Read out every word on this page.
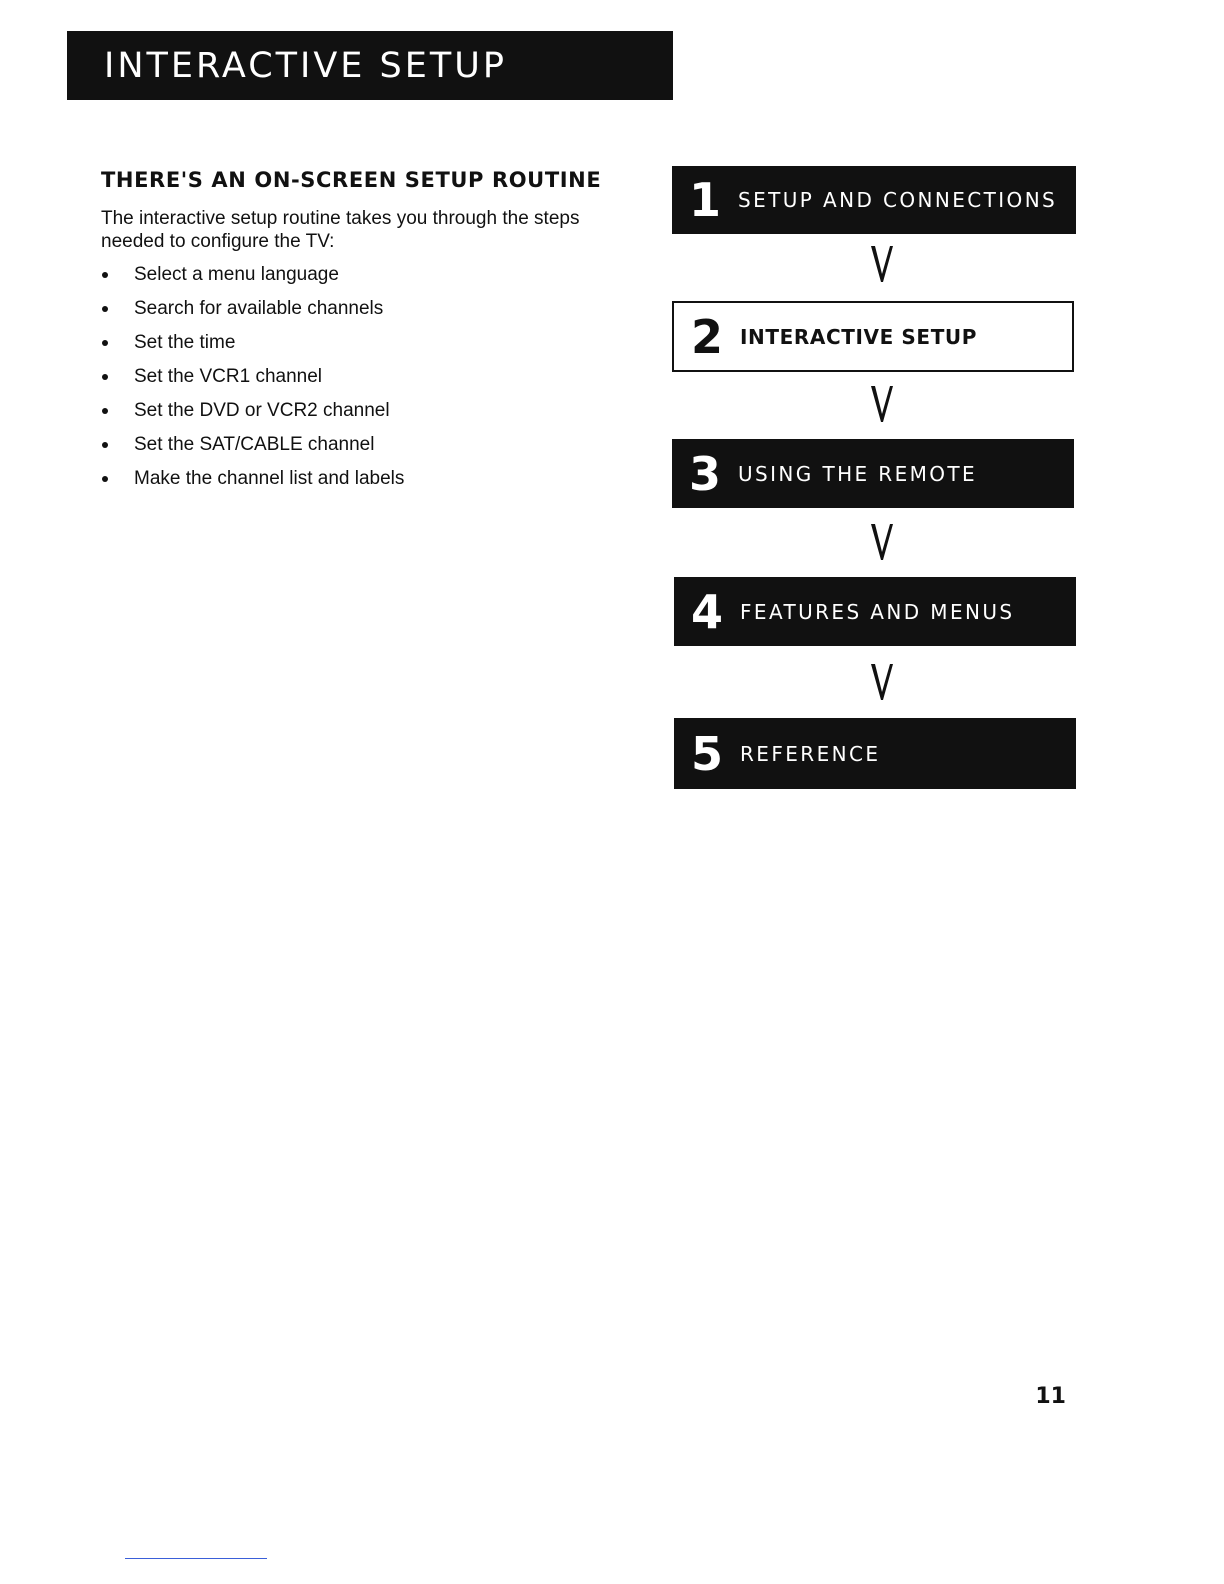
INTERACTIVE SETUP
THERE'S AN ON-SCREEN SETUP ROUTINE

The interactive setup routine takes you through the steps needed to configure the TV:

Select a menu language
Search for available channels
Set the time
Set the VCR1 channel
Set the DVD or VCR2 channel
Set the SAT/CABLE channel
Make the channel list and labels
1 SETUP AND CONNECTIONS
2 INTERACTIVE SETUP
3 USING THE REMOTE
4 FEATURES AND MENUS
5 REFERENCE
11
